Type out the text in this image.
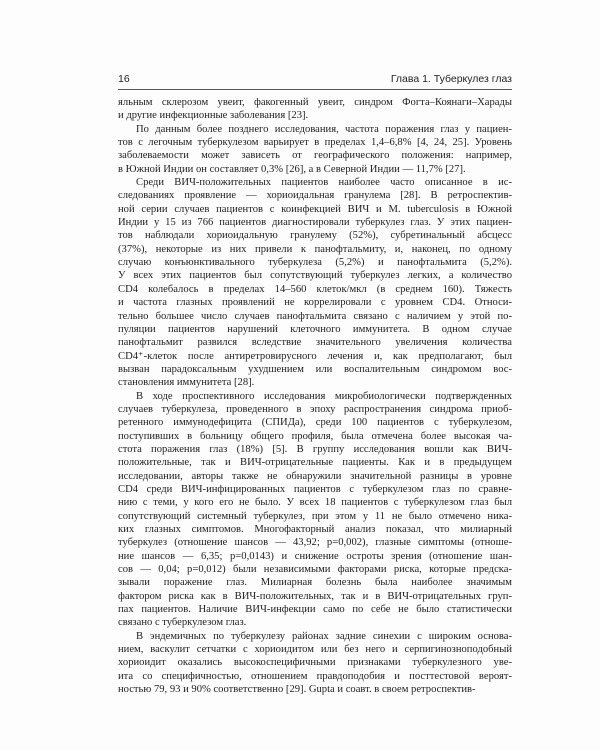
16	Глава 1. Туберкулез глаз
яльным склерозом увеит, факогенный увеит, синдром Фогта–Коянаги–Харады
и другие инфекционные заболевания [23].
По данным более позднего исследования, частота поражения глаз у пациен-
тов с легочным туберкулезом варьирует в пределах 1,4–6,8% [4, 24, 25]. Уровень
заболеваемости может зависеть от географического положения: например,
в Южной Индии он составляет 0,3% [26], а в Северной Индии — 11,7% [27].
Среди ВИЧ-положительных пациентов наиболее часто описанное в ис-
следованиях проявление — хориоидальная гранулема [28]. В ретроспектив-
ной серии случаев пациентов с коинфекцией ВИЧ и M. tuberculosis в Южной
Индии у 15 из 766 пациентов диагностировали туберкулез глаз. У этих пациен-
тов наблюдали хориоидальную гранулему (52%), субретинальный абсцесс
(37%), некоторые из них привели к панофтальмиту, и, наконец, по одному
случаю конъюнктивального туберкулеза (5,2%) и панофтальмита (5,2%).
У всех этих пациентов был сопутствующий туберкулез легких, а количество
CD4 колебалось в пределах 14–560 клеток/мкл (в среднем 160). Тяжесть
и частота глазных проявлений не коррелировали с уровнем CD4. Относи-
тельно большее число случаев панофтальмита связано с наличием у этой по-
пуляции пациентов нарушений клеточного иммунитета. В одном случае
панофтальмит развился вследствие значительного увеличения количества
CD4⁺-клеток после антиретровирусного лечения и, как предполагают, был
вызван парадоксальным ухудшением или воспалительным синдромом вос-
становления иммунитета [28].
В ходе проспективного исследования микробиологически подтвержденных
случаев туберкулеза, проведенного в эпоху распространения синдрома приоб-
ретенного иммунодефицита (СПИДа), среди 100 пациентов с туберкулезом,
поступивших в больницу общего профиля, была отмечена более высокая ча-
стота поражения глаз (18%) [5]. В группу исследования вошли как ВИЧ-
положительные, так и ВИЧ-отрицательные пациенты. Как и в предыдущем
исследовании, авторы также не обнаружили значительной разницы в уровне
CD4 среди ВИЧ-инфицированных пациентов с туберкулезом глаз по сравне-
нию с теми, у кого его не было. У всех 18 пациентов с туберкулезом глаз был
сопутствующий системный туберкулез, при этом у 11 не было отмечено ника-
ких глазных симптомов. Многофакторный анализ показал, что милиарный
туберкулез (отношение шансов — 43,92; p=0,002), глазные симптомы (отноше-
ние шансов — 6,35; p=0,0143) и снижение остроты зрения (отношение шан-
сов — 0,04; p=0,012) были независимыми факторами риска, которые предска-
зывали поражение глаз. Милиарная болезнь была наиболее значимым
фактором риска как в ВИЧ-положительных, так и в ВИЧ-отрицательных груп-
пах пациентов. Наличие ВИЧ-инфекции само по себе не было статистически
связано с туберкулезом глаз.
В эндемичных по туберкулезу районах задние синехии с широким основа-
нием, васкулит сетчатки с хориоидитом или без него и серпигинозноподобный
хориоидит оказались высокоспецифичными признаками туберкулезного уве-
ита со специфичностью, отношением правдоподобия и посттестовой вероят-
ностью 79, 93 и 90% соответственно [29]. Gupta и соавт. в своем ретроспектив-
